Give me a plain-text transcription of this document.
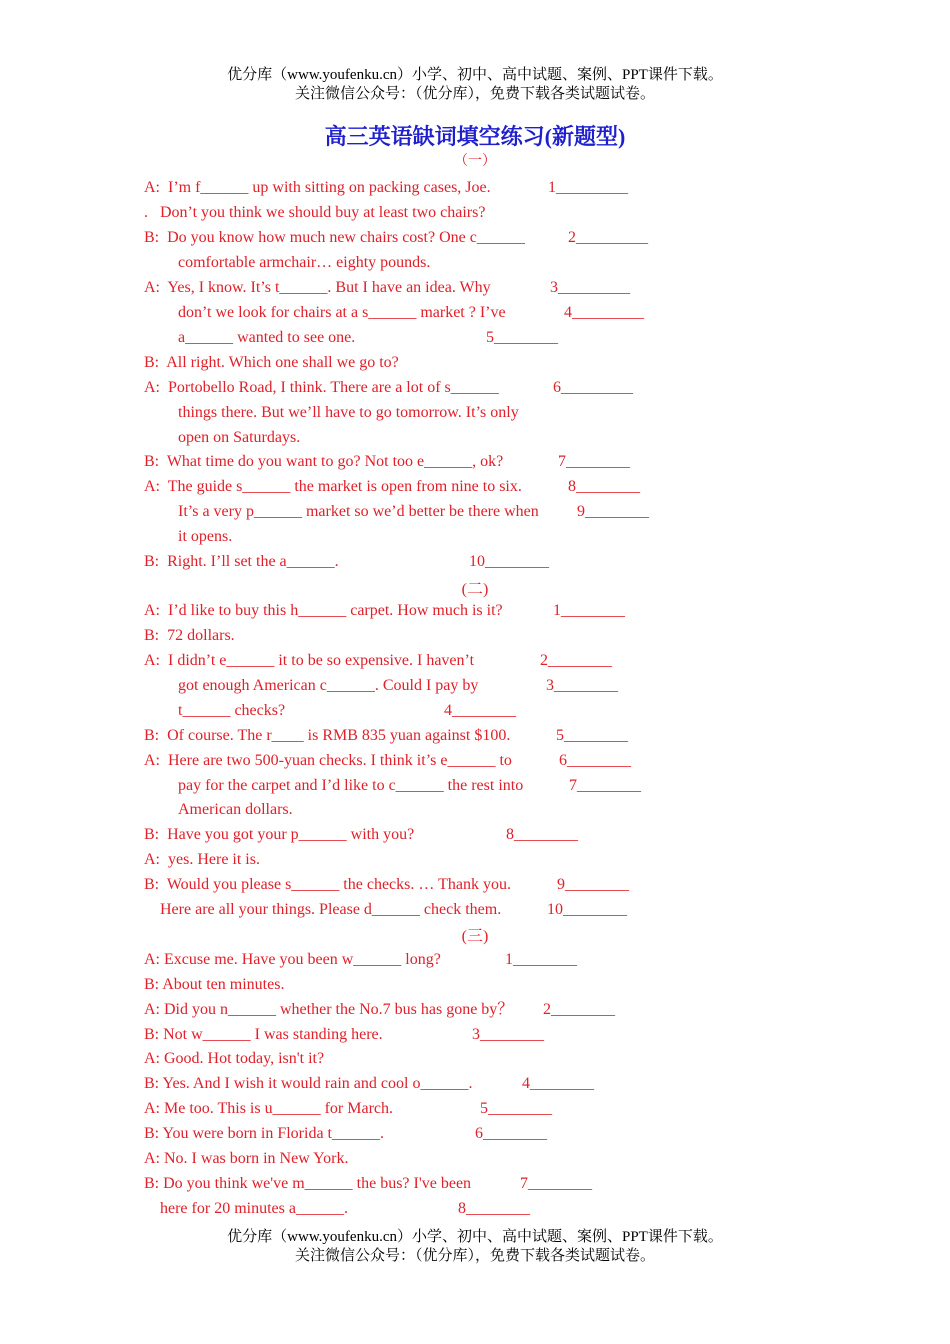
优分库（www.youfenku.cn）小学、初中、高中试题、案例、PPT课件下载。
关注微信公众号：（优分库），免费下载各类试题试卷。
高三英语缺词填空练习(新题型)
（一）
(二)
(三)
A:  I’m f______ up with sitting on packing cases, Joe.
.   Don’t you think we should buy at least two chairs?
B:  Do you know how much new chairs cost? One c______
comfortable armchair… eighty pounds.
A:  Yes, I know. It’s t______. But I have an idea. Why
don’t we look for chairs at a s______ market ? I’ve
a______ wanted to see one.
B:  All right. Which one shall we go to?
A:  Portobello Road, I think. There are a lot of s______
things there. But we’ll have to go tomorrow. It’s only
open on Saturdays.
B:  What time do you want to go? Not too e______, ok?
A:  The guide s______ the market is open from nine to six.
It’s a very p______ market so we’d better be there when
it opens.
B:  Right. I’ll set the a______.
1_________
2_________
3_________
4_________
5________
6_________
7________
8________
9________
10________
A:  I’d like to buy this h______ carpet. How much is it?
B:  72 dollars.
A:  I didn’t e______ it to be so expensive. I haven’t
got enough American c______. Could I pay by
t______ checks?
B:  Of course. The r____ is RMB 835 yuan against $100.
A:  Here are two 500-yuan checks. I think it’s e______ to
pay for the carpet and I’d like to c______ the rest into
American dollars.
B:  Have you got your p______ with you?
A:  yes. Here it is.
B:  Would you please s______ the checks. … Thank you.
Here are all your things. Please d______ check them.
1________
2________
3________
4________
5________
6________
7________
8________
9________
10________
A: Excuse me. Have you been w______ long?
B: About ten minutes.
A: Did you n______ whether the No.7 bus has gone by？
B: Not w______ I was standing here.
A: Good. Hot today, isn't it?
B: Yes. And I wish it would rain and cool o______.
A: Me too. This is u______ for March.
B: You were born in Florida t______.
A: No. I was born in New York.
B: Do you think we've m______ the bus? I've been
here for 20 minutes a______.
1________
2________
3________
4________
5________
6________
7________
8________
优分库（www.youfenku.cn）小学、初中、高中试题、案例、PPT课件下载。
关注微信公众号：（优分库），免费下载各类试题试卷。
